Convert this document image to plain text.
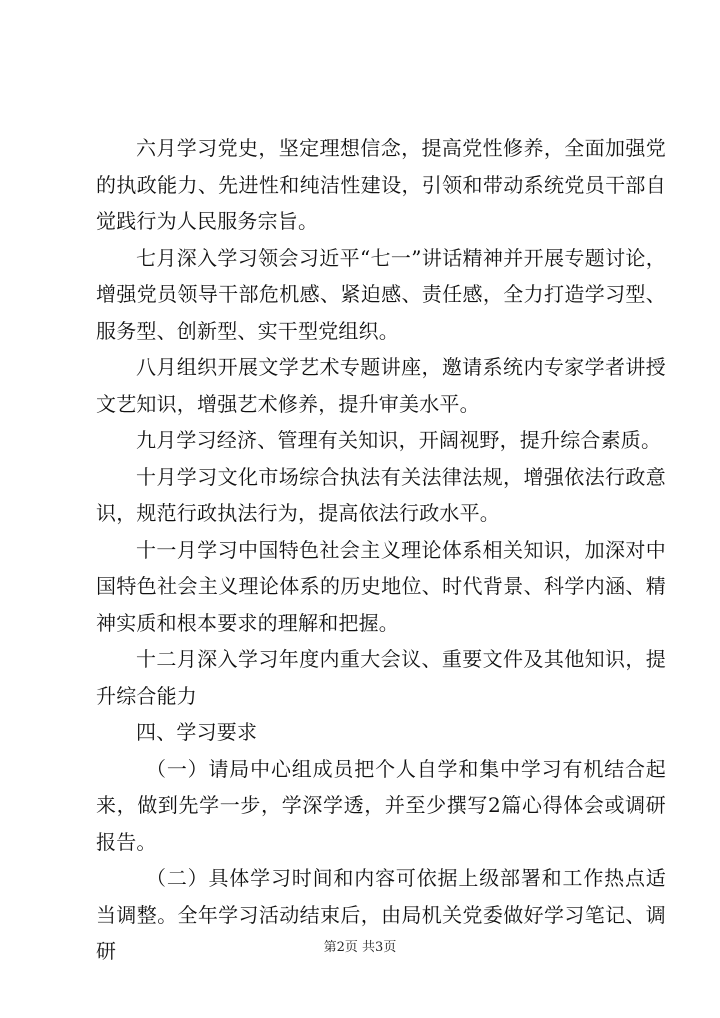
六月学习党史，坚定理想信念，提高党性修养，全面加强党的执政能力、先进性和纯洁性建设，引领和带动系统党员干部自觉践行为人民服务宗旨。

七月深入学习领会习近平“七一”讲话精神并开展专题讨论，增强党员领导干部危机感、紧迫感、责任感，全力打造学习型、服务型、创新型、实干型党组织。

八月组织开展文学艺术专题讲座，邀请系统内专家学者讲授文艺知识，增强艺术修养，提升审美水平。

九月学习经济、管理有关知识，开阔视野，提升综合素质。

十月学习文化市场综合执法有关法律法规，增强依法行政意识，规范行政执法行为，提高依法行政水平。

十一月学习中国特色社会主义理论体系相关知识，加深对中国特色社会主义理论体系的历史地位、时代背景、科学内涵、精神实质和根本要求的理解和把握。

十二月深入学习年度内重大会议、重要文件及其他知识，提升综合能力

四、学习要求

（一）请局中心组成员把个人自学和集中学习有机结合起来，做到先学一步，学深学透，并至少撰写2篇心得体会或调研报告。

（二）具体学习时间和内容可依据上级部署和工作热点适当调整。全年学习活动结束后，由局机关党委做好学习笔记、调研	第2页 共3页
